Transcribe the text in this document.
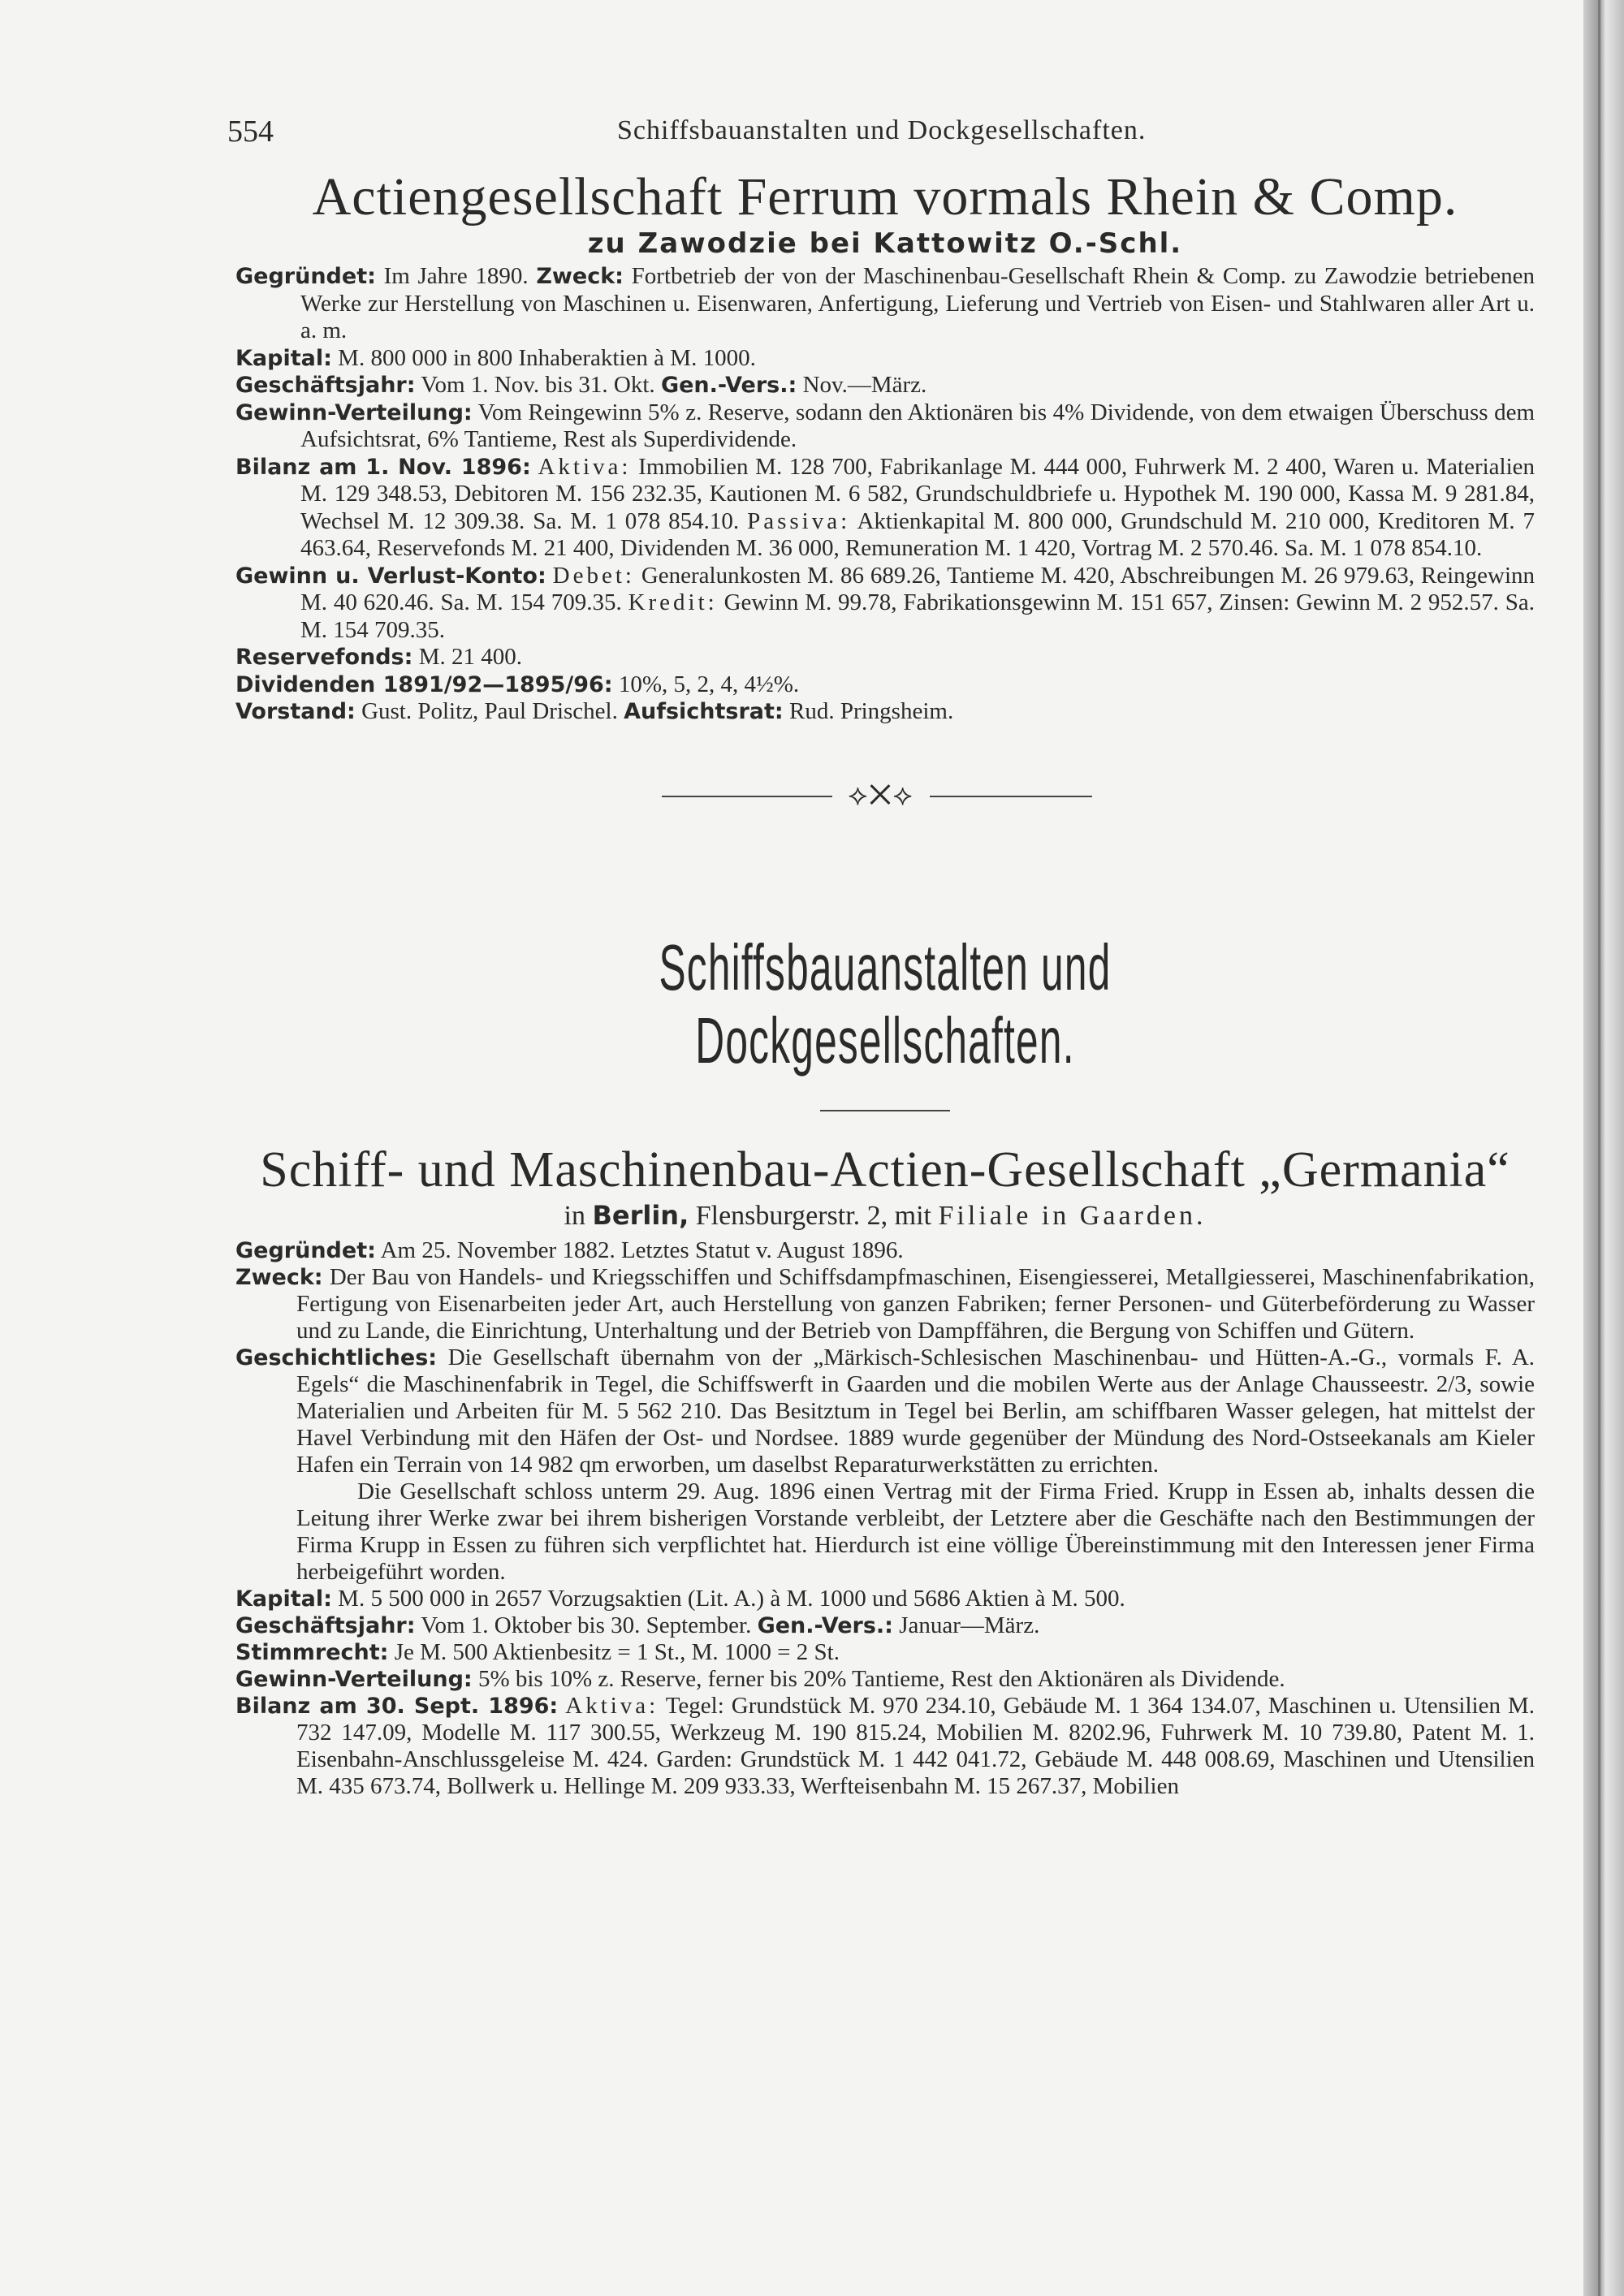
554	Schiffsbauanstalten und Dockgesellschaften.
Actiengesellschaft Ferrum vormals Rhein & Comp.
zu Zawodzie bei Kattowitz O.-Schl.

Gegründet: Im Jahre 1890. Zweck: Fortbetrieb der von der Maschinenbau-Gesellschaft Rhein & Comp. zu Zawodzie betriebenen Werke zur Herstellung von Maschinen u. Eisenwaren, Anfertigung, Lieferung und Vertrieb von Eisen- und Stahlwaren aller Art u. a. m.

Kapital: M. 800 000 in 800 Inhaberaktien à M. 1000.

Geschäftsjahr: Vom 1. Nov. bis 31. Okt. Gen.-Vers.: Nov.—März.

Gewinn-Verteilung: Vom Reingewinn 5% z. Reserve, sodann den Aktionären bis 4% Dividende, von dem etwaigen Überschuss dem Aufsichtsrat, 6% Tantieme, Rest als Superdividende.

Bilanz am 1. Nov. 1896: Aktiva: Immobilien M. 128 700, Fabrikanlage M. 444 000, Fuhrwerk M. 2 400, Waren u. Materialien M. 129 348.53, Debitoren M. 156 232.35, Kautionen M. 6 582, Grundschuldbriefe u. Hypothek M. 190 000, Kassa M. 9 281.84, Wechsel M. 12 309.38. Sa. M. 1 078 854.10. Passiva: Aktienkapital M. 800 000, Grundschuld M. 210 000, Kreditoren M. 7 463.64, Reservefonds M. 21 400, Dividenden M. 36 000, Remuneration M. 1 420, Vortrag M. 2 570.46. Sa. M. 1 078 854.10.

Gewinn u. Verlust-Konto: Debet: Generalunkosten M. 86 689.26, Tantieme M. 420, Abschreibungen M. 26 979.63, Reingewinn M. 40 620.46. Sa. M. 154 709.35. Kredit: Gewinn M. 99.78, Fabrikationsgewinn M. 151 657, Zinsen: Gewinn M. 2 952.57. Sa. M. 154 709.35.

Reservefonds: M. 21 400.

Dividenden 1891/92—1895/96: 10%, 5, 2, 4, 4½%.

Vorstand: Gust. Politz, Paul Drischel. Aufsichtsrat: Rud. Pringsheim.

⟡✕⟡
Schiffsbauanstalten und Dockgesellschaften.
Schiff- und Maschinenbau-Actien-Gesellschaft „Germania“
in Berlin, Flensburgerstr. 2, mit Filiale in Gaarden.

Gegründet: Am 25. November 1882. Letztes Statut v. August 1896.

Zweck: Der Bau von Handels- und Kriegsschiffen und Schiffsdampfmaschinen, Eisengiesserei, Metallgiesserei, Maschinenfabrikation, Fertigung von Eisenarbeiten jeder Art, auch Herstellung von ganzen Fabriken; ferner Personen- und Güterbeförderung zu Wasser und zu Lande, die Einrichtung, Unterhaltung und der Betrieb von Dampffähren, die Bergung von Schiffen und Gütern.

Geschichtliches: Die Gesellschaft übernahm von der „Märkisch-Schlesischen Maschinenbau- und Hütten-A.-G., vormals F. A. Egels“ die Maschinenfabrik in Tegel, die Schiffswerft in Gaarden und die mobilen Werte aus der Anlage Chausseestr. 2/3, sowie Materialien und Arbeiten für M. 5 562 210. Das Besitztum in Tegel bei Berlin, am schiffbaren Wasser gelegen, hat mittelst der Havel Verbindung mit den Häfen der Ost- und Nordsee. 1889 wurde gegenüber der Mündung des Nord-Ostseekanals am Kieler Hafen ein Terrain von 14 982 qm erworben, um daselbst Reparaturwerkstätten zu errichten.

Die Gesellschaft schloss unterm 29. Aug. 1896 einen Vertrag mit der Firma Fried. Krupp in Essen ab, inhalts dessen die Leitung ihrer Werke zwar bei ihrem bisherigen Vorstande verbleibt, der Letztere aber die Geschäfte nach den Bestimmungen der Firma Krupp in Essen zu führen sich verpflichtet hat. Hierdurch ist eine völlige Übereinstimmung mit den Interessen jener Firma herbeigeführt worden.

Kapital: M. 5 500 000 in 2657 Vorzugsaktien (Lit. A.) à M. 1000 und 5686 Aktien à M. 500.

Geschäftsjahr: Vom 1. Oktober bis 30. September. Gen.-Vers.: Januar—März.

Stimmrecht: Je M. 500 Aktienbesitz = 1 St., M. 1000 = 2 St.

Gewinn-Verteilung: 5% bis 10% z. Reserve, ferner bis 20% Tantieme, Rest den Aktionären als Dividende.

Bilanz am 30. Sept. 1896: Aktiva: Tegel: Grundstück M. 970 234.10, Gebäude M. 1 364 134.07, Maschinen u. Utensilien M. 732 147.09, Modelle M. 117 300.55, Werkzeug M. 190 815.24, Mobilien M. 8202.96, Fuhrwerk M. 10 739.80, Patent M. 1. Eisenbahn-Anschlussgeleise M. 424. Garden: Grundstück M. 1 442 041.72, Gebäude M. 448 008.69, Maschinen und Utensilien M. 435 673.74, Bollwerk u. Hellinge M. 209 933.33, Werfteisenbahn M. 15 267.37, Mobilien
